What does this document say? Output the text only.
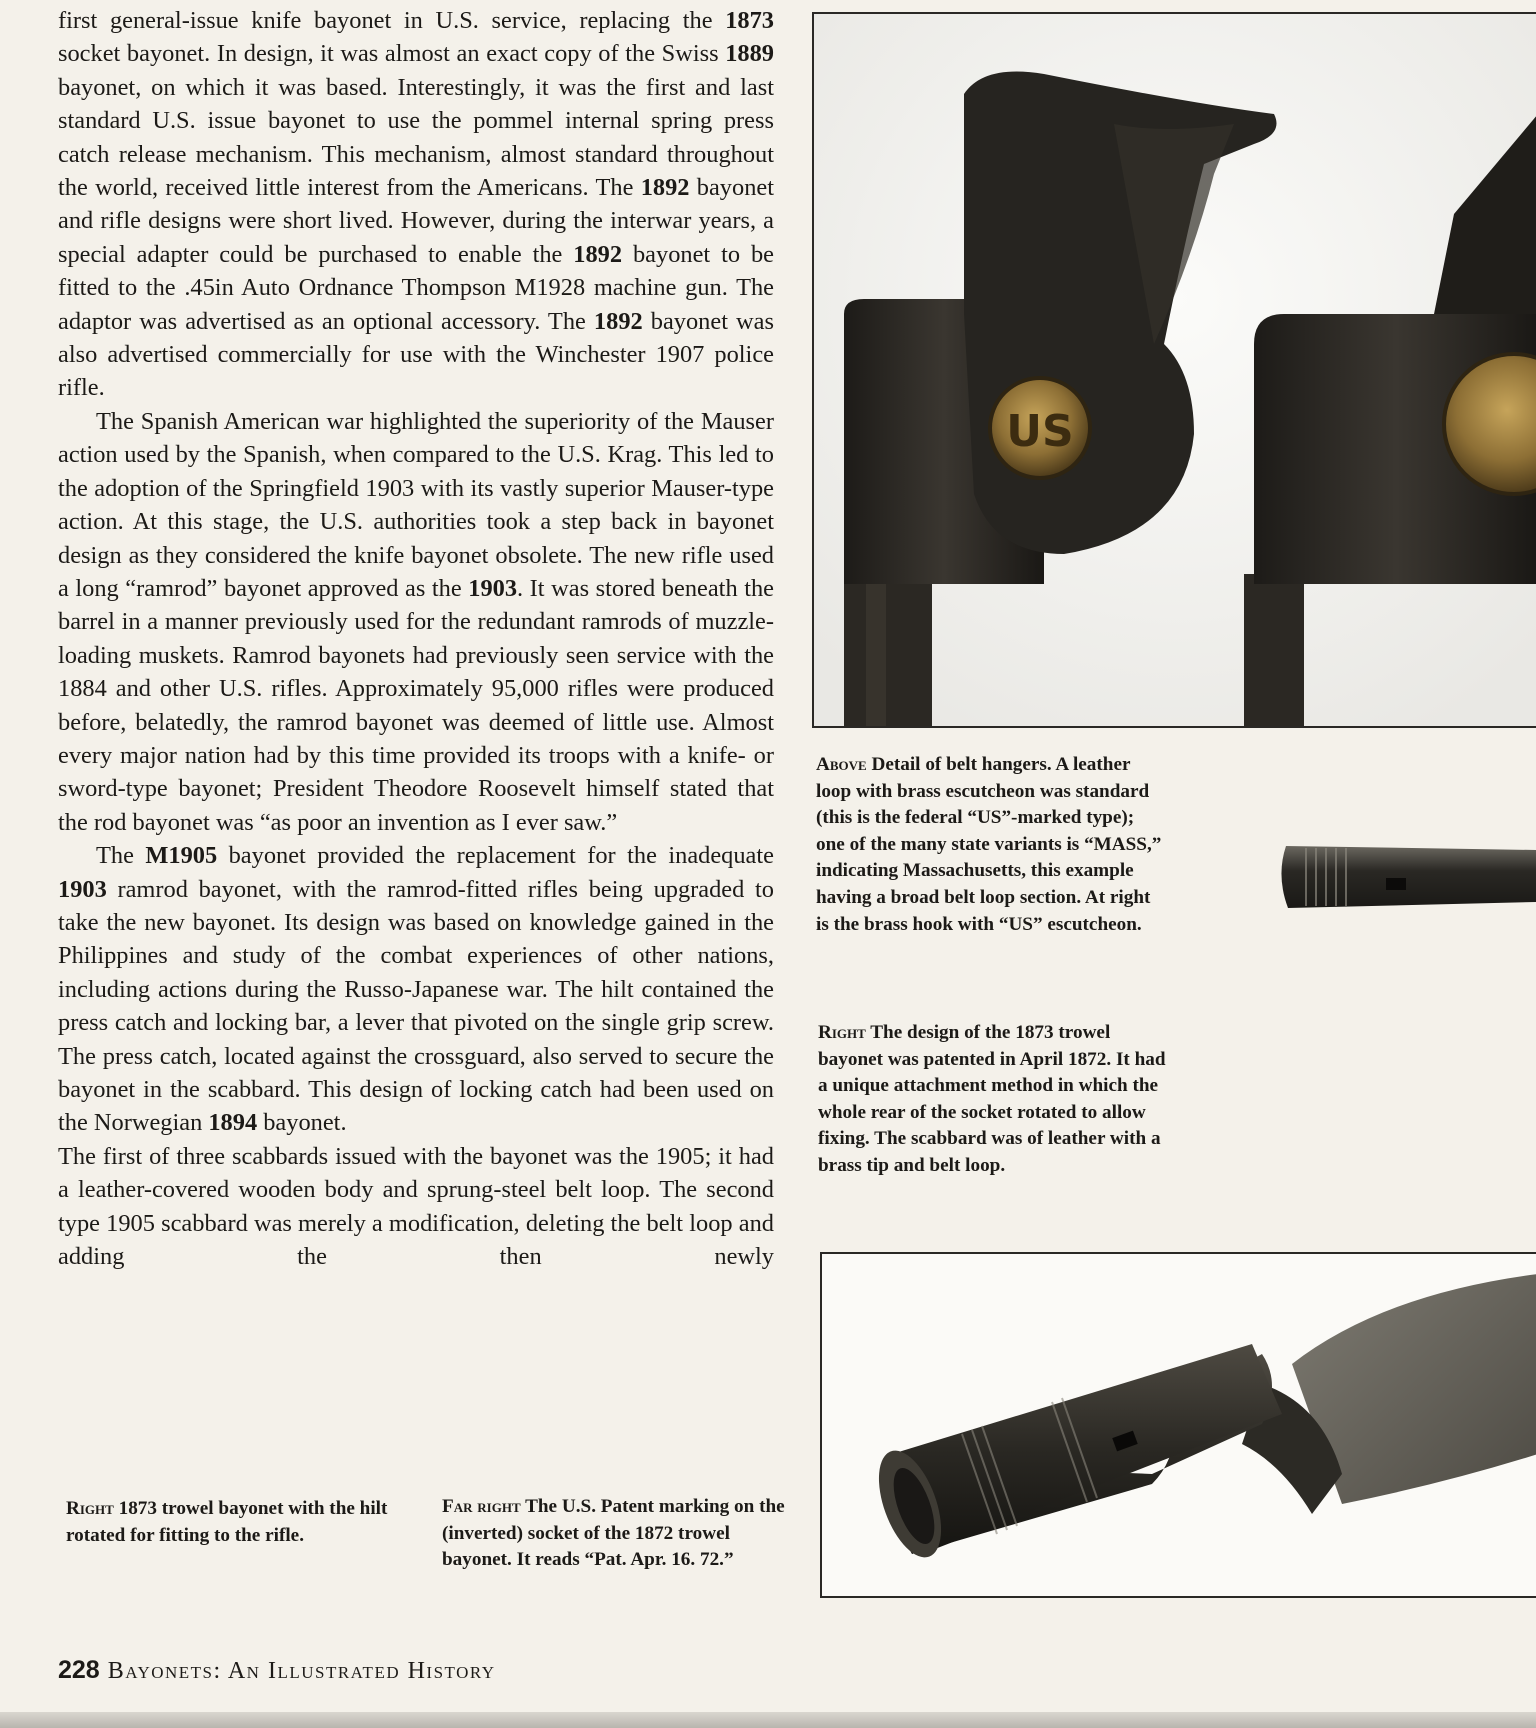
first general-issue knife bayonet in U.S. service, replacing the 1873 socket bayonet. In design, it was almost an exact copy of the Swiss 1889 bayonet, on which it was based. Interestingly, it was the first and last standard U.S. issue bayonet to use the pommel internal spring press catch release mechanism. This mechanism, almost standard throughout the world, received little interest from the Americans. The 1892 bayonet and rifle designs were short lived. However, during the interwar years, a special adapter could be purchased to enable the 1892 bayonet to be fitted to the .45in Auto Ordnance Thompson M1928 machine gun. The adaptor was advertised as an optional accessory. The 1892 bayonet was also advertised commercially for use with the Winchester 1907 police rifle.

The Spanish American war highlighted the superiority of the Mauser action used by the Spanish, when compared to the U.S. Krag. This led to the adoption of the Springfield 1903 with its vastly superior Mauser-type action. At this stage, the U.S. authorities took a step back in bayonet design as they considered the knife bayonet obsolete. The new rifle used a long “ramrod” bayonet approved as the 1903. It was stored beneath the barrel in a manner previously used for the redundant ramrods of muzzle-loading muskets. Ramrod bayonets had previously seen service with the 1884 and other U.S. rifles. Approximately 95,000 rifles were produced before, belatedly, the ramrod bayonet was deemed of little use. Almost every major nation had by this time provided its troops with a knife- or sword-type bayonet; President Theodore Roosevelt himself stated that the rod bayonet was “as poor an invention as I ever saw.”

The M1905 bayonet provided the replacement for the inadequate 1903 ramrod bayonet, with the ramrod-fitted rifles being upgraded to take the new bayonet. Its design was based on knowledge gained in the Philippines and study of the combat experiences of other nations, including actions during the Russo-Japanese war. The hilt contained the press catch and locking bar, a lever that pivoted on the single grip screw. The press catch, located against the crossguard, also served to secure the bayonet in the scabbard. This design of locking catch had been used on the Norwegian 1894 bayonet.

The first of three scabbards issued with the bayonet was the 1905; it had a leather-covered wooden body and sprung-steel belt loop. The second type 1905 scabbard was merely a modification, deleting the belt loop and adding the then newly

US
Above Detail of belt hangers. A leather loop with brass escutcheon was standard (this is the federal “US”-marked type); one of the many state variants is “MASS,” indicating Massachusetts, this example having a broad belt loop section. At right is the brass hook with “US” escutcheon.
Right The design of the 1873 trowel bayonet was patented in April 1872. It had a unique attachment method in which the whole rear of the socket rotated to allow fixing. The scabbard was of leather with a brass tip and belt loop.
Right 1873 trowel bayonet with the hilt rotated for fitting to the rifle.
Far right The U.S. Patent marking on the (inverted) socket of the 1872 trowel bayonet. It reads “Pat. Apr. 16. 72.”
228 Bayonets: An Illustrated History
